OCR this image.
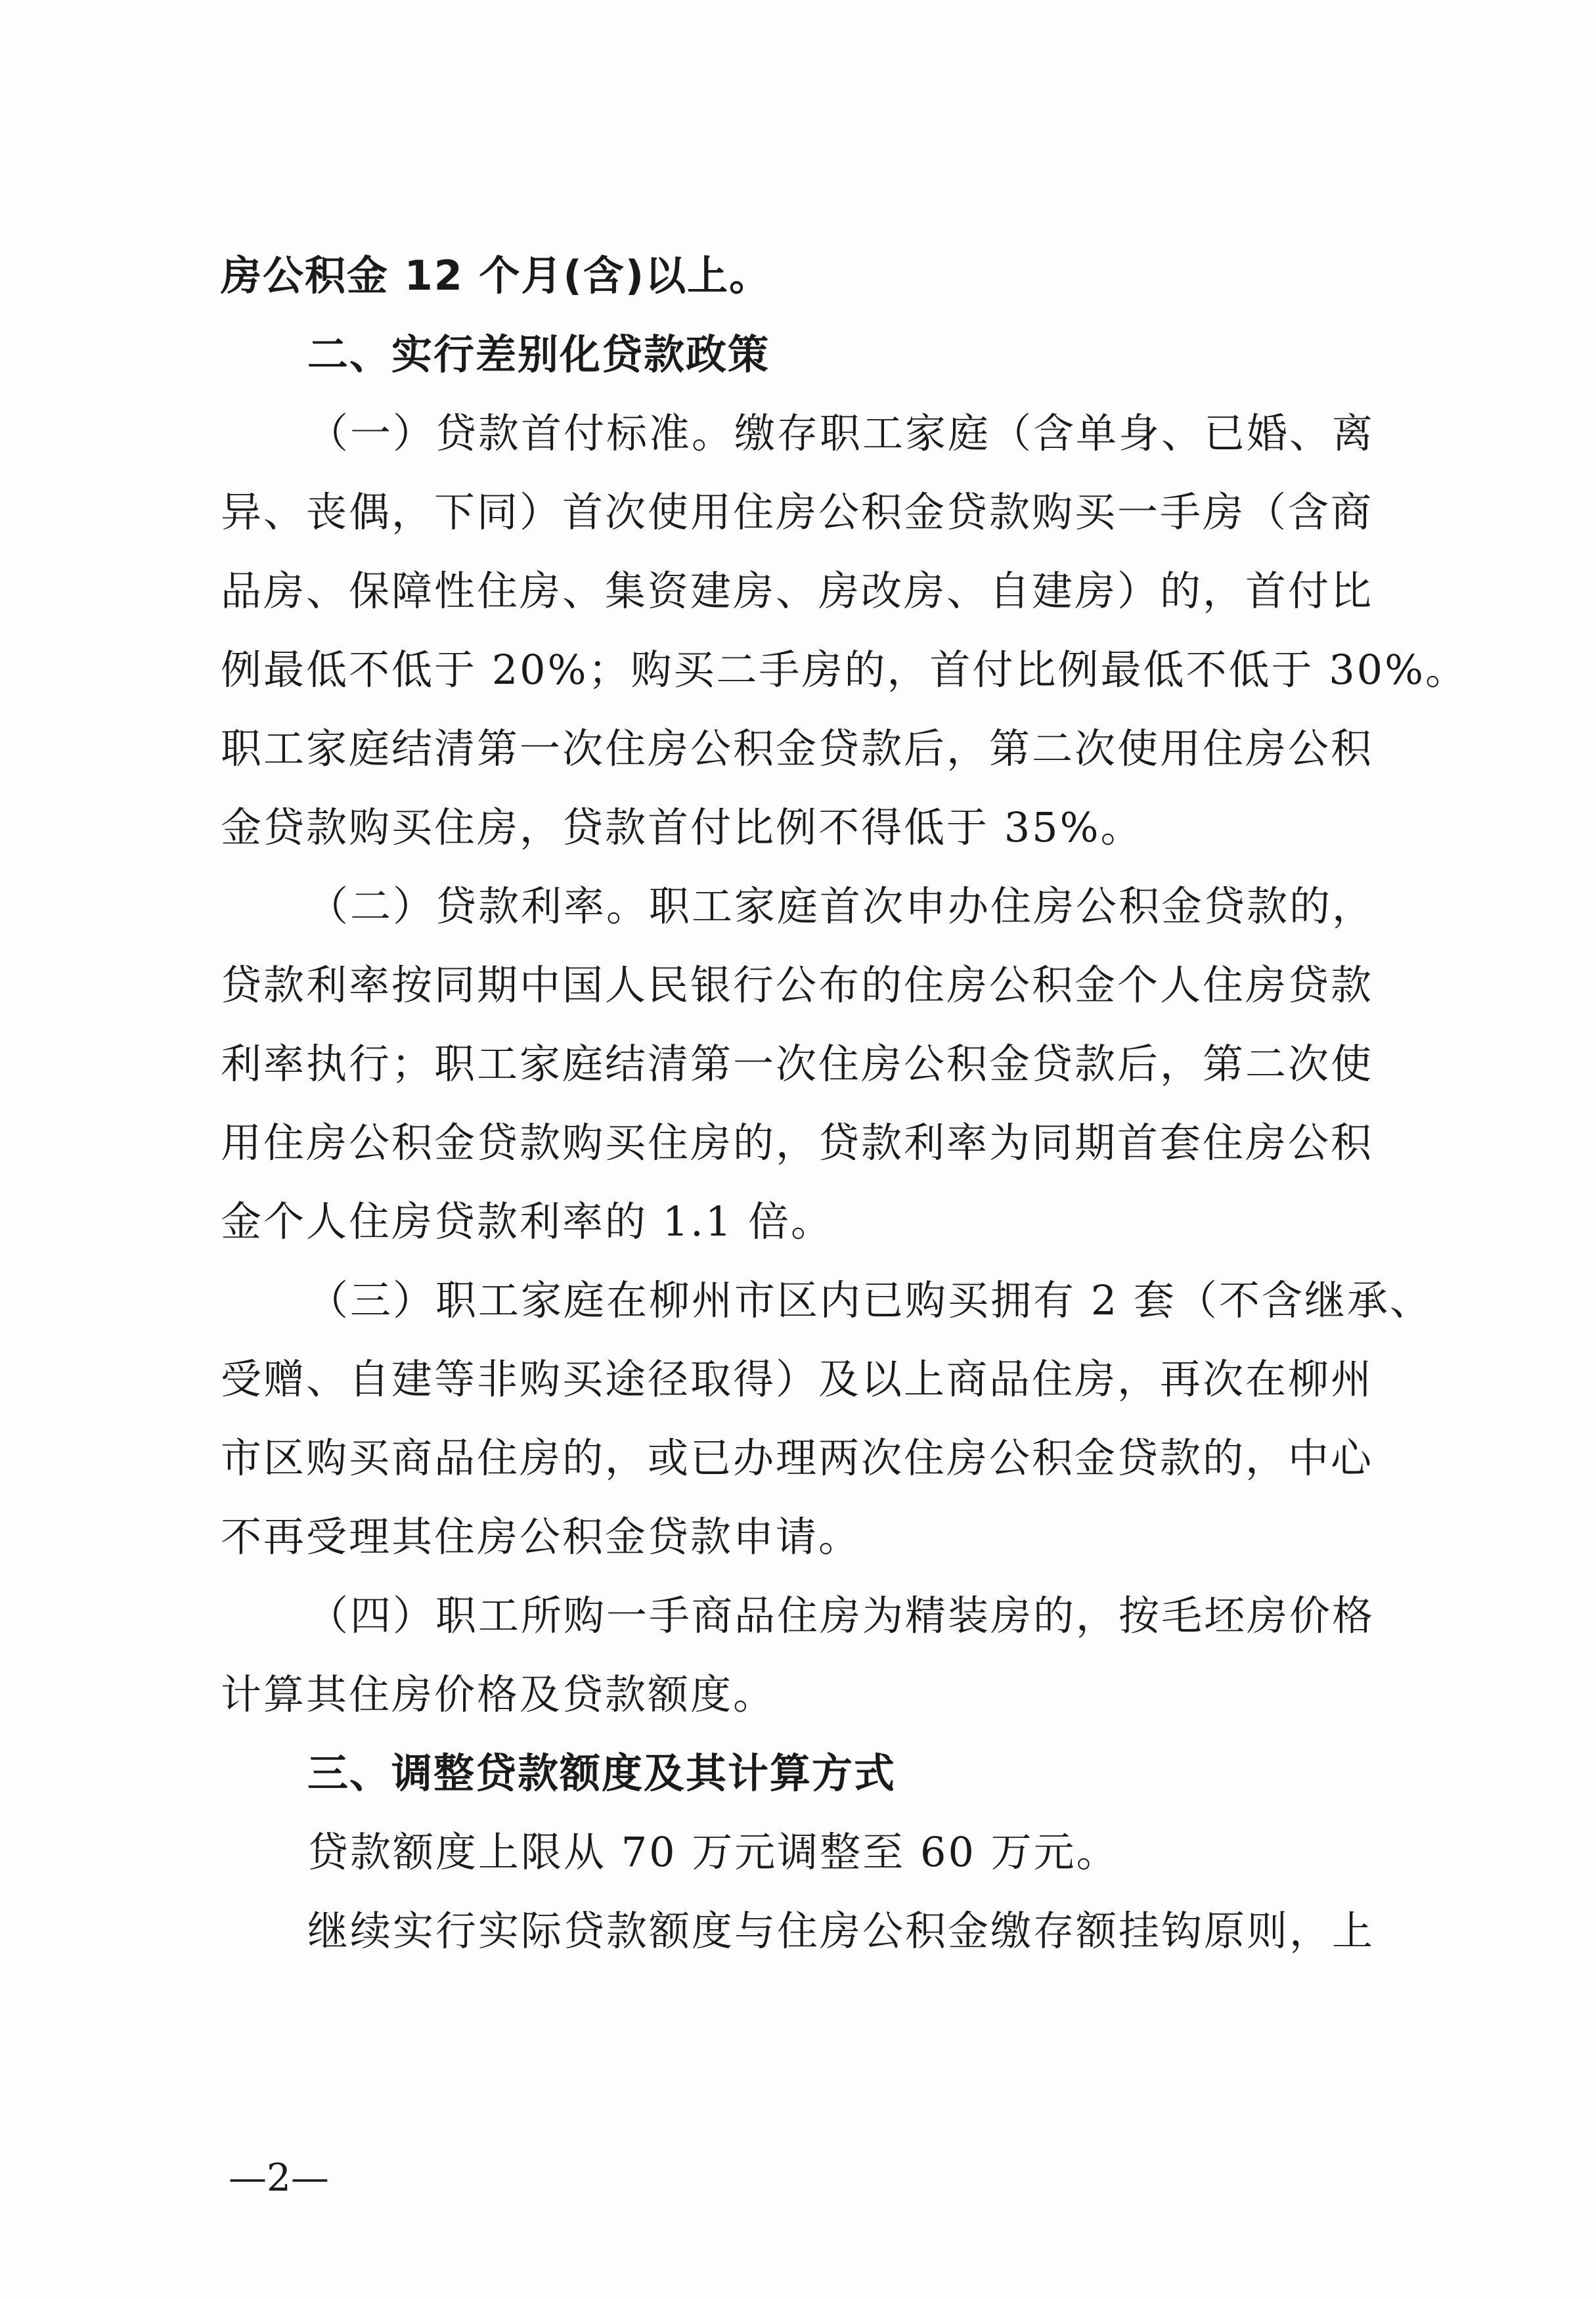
房公积金 12 个月(含)以上。
二、实行差别化贷款政策
（一）贷款首付标准。缴存职工家庭（含单身、已婚、离
异、丧偶，下同）首次使用住房公积金贷款购买一手房（含商
品房、保障性住房、集资建房、房改房、自建房）的，首付比
例最低不低于 20%；购买二手房的，首付比例最低不低于 30%。
职工家庭结清第一次住房公积金贷款后，第二次使用住房公积
金贷款购买住房，贷款首付比例不得低于 35%。
（二）贷款利率。职工家庭首次申办住房公积金贷款的，
贷款利率按同期中国人民银行公布的住房公积金个人住房贷款
利率执行；职工家庭结清第一次住房公积金贷款后，第二次使
用住房公积金贷款购买住房的，贷款利率为同期首套住房公积
金个人住房贷款利率的 1.1 倍。
（三）职工家庭在柳州市区内已购买拥有 2 套（不含继承、
受赠、自建等非购买途径取得）及以上商品住房，再次在柳州
市区购买商品住房的，或已办理两次住房公积金贷款的，中心
不再受理其住房公积金贷款申请。
（四）职工所购一手商品住房为精装房的，按毛坯房价格
计算其住房价格及贷款额度。
三、调整贷款额度及其计算方式
贷款额度上限从 70 万元调整至 60 万元。
继续实行实际贷款额度与住房公积金缴存额挂钩原则，上
—2—
